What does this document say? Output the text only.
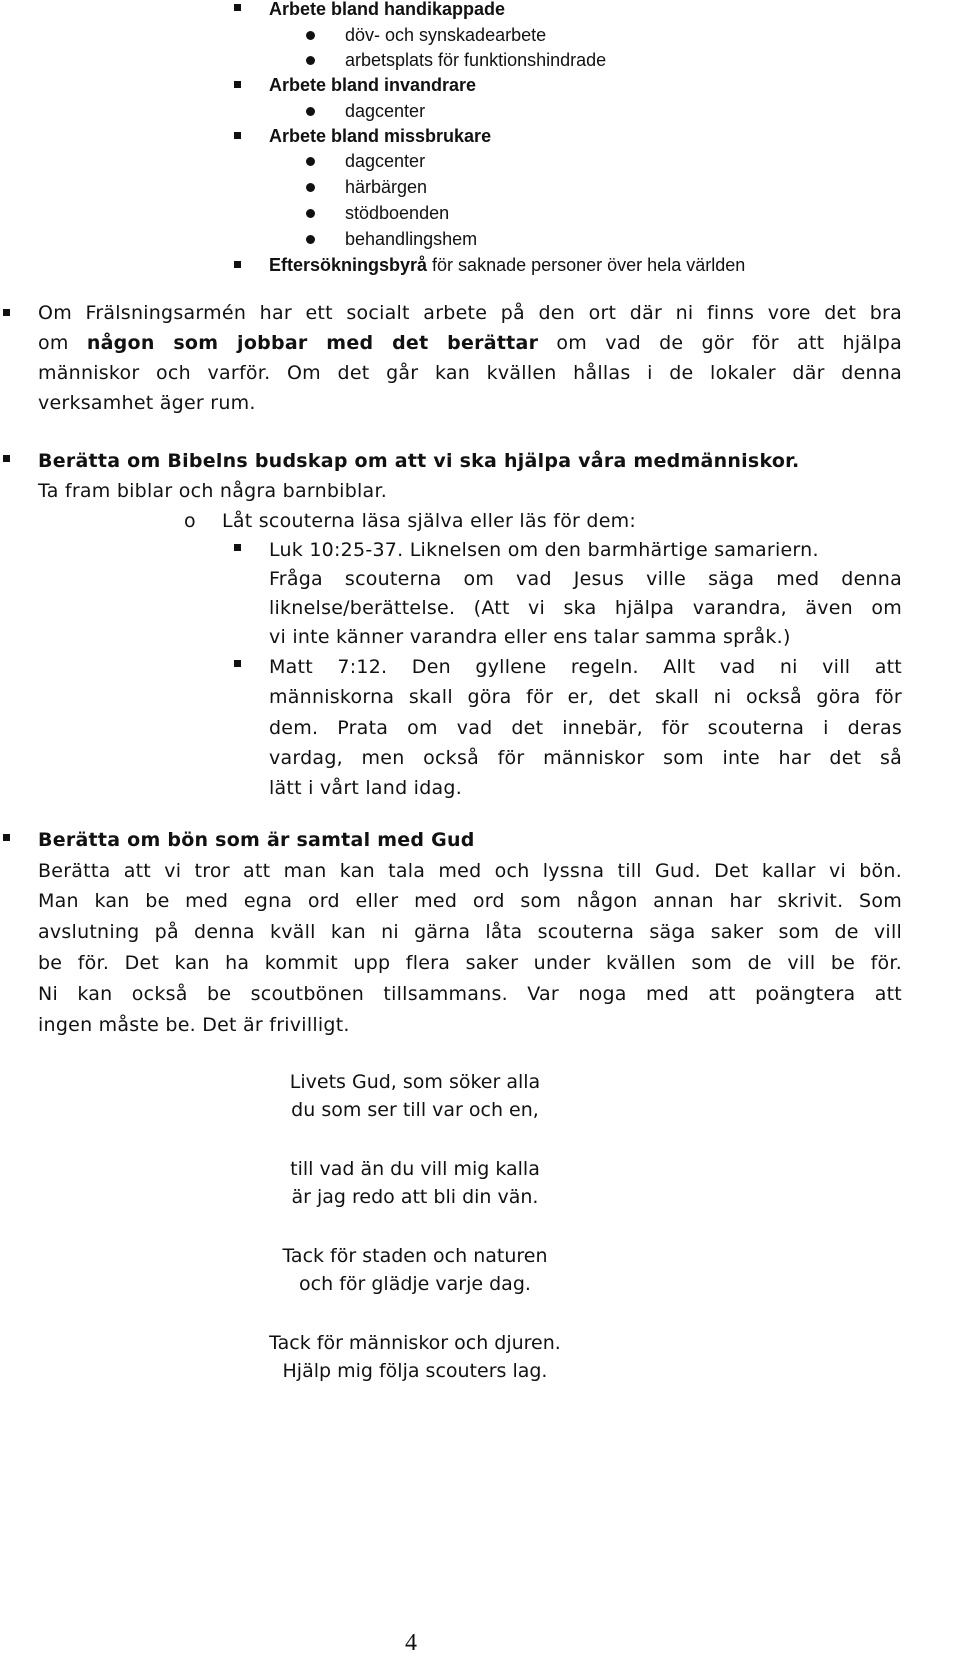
Arbete bland handikappade
döv- och synskadearbete
arbetsplats för funktionshindrade
Arbete bland invandrare
dagcenter
Arbete bland missbrukare
dagcenter
härbärgen
stödboenden
behandlingshem
Eftersökningsbyrå för saknade personer över hela världen
Om Frälsningsarmén har ett socialt arbete på den ort där ni finns vore det bra
om någon som jobbar med det berättar om vad de gör för att hjälpa
människor och varför. Om det går kan kvällen hållas i de lokaler där denna
verksamhet äger rum.
Berätta om Bibelns budskap om att vi ska hjälpa våra medmänniskor.
Ta fram biblar och några barnbiblar.
o Låt scouterna läsa själva eller läs för dem:
Luk 10:25-37. Liknelsen om den barmhärtige samariern.
Fråga scouterna om vad Jesus ville säga med denna
liknelse/berättelse. (Att vi ska hjälpa varandra, även om
vi inte känner varandra eller ens talar samma språk.)
Matt 7:12. Den gyllene regeln. Allt vad ni vill att
människorna skall göra för er, det skall ni också göra för
dem. Prata om vad det innebär, för scouterna i deras
vardag, men också för människor som inte har det så
lätt i vårt land idag.
Berätta om bön som är samtal med Gud
Berätta att vi tror att man kan tala med och lyssna till Gud. Det kallar vi bön.
Man kan be med egna ord eller med ord som någon annan har skrivit. Som
avslutning på denna kväll kan ni gärna låta scouterna säga saker som de vill
be för. Det kan ha kommit upp flera saker under kvällen som de vill be för.
Ni kan också be scoutbönen tillsammans. Var noga med att poängtera att
ingen måste be. Det är frivilligt.
Livets Gud, som söker alla
du som ser till var och en,
till vad än du vill mig kalla
är jag redo att bli din vän.
Tack för staden och naturen
och för glädje varje dag.
Tack för människor och djuren.
Hjälp mig följa scouters lag.
4
